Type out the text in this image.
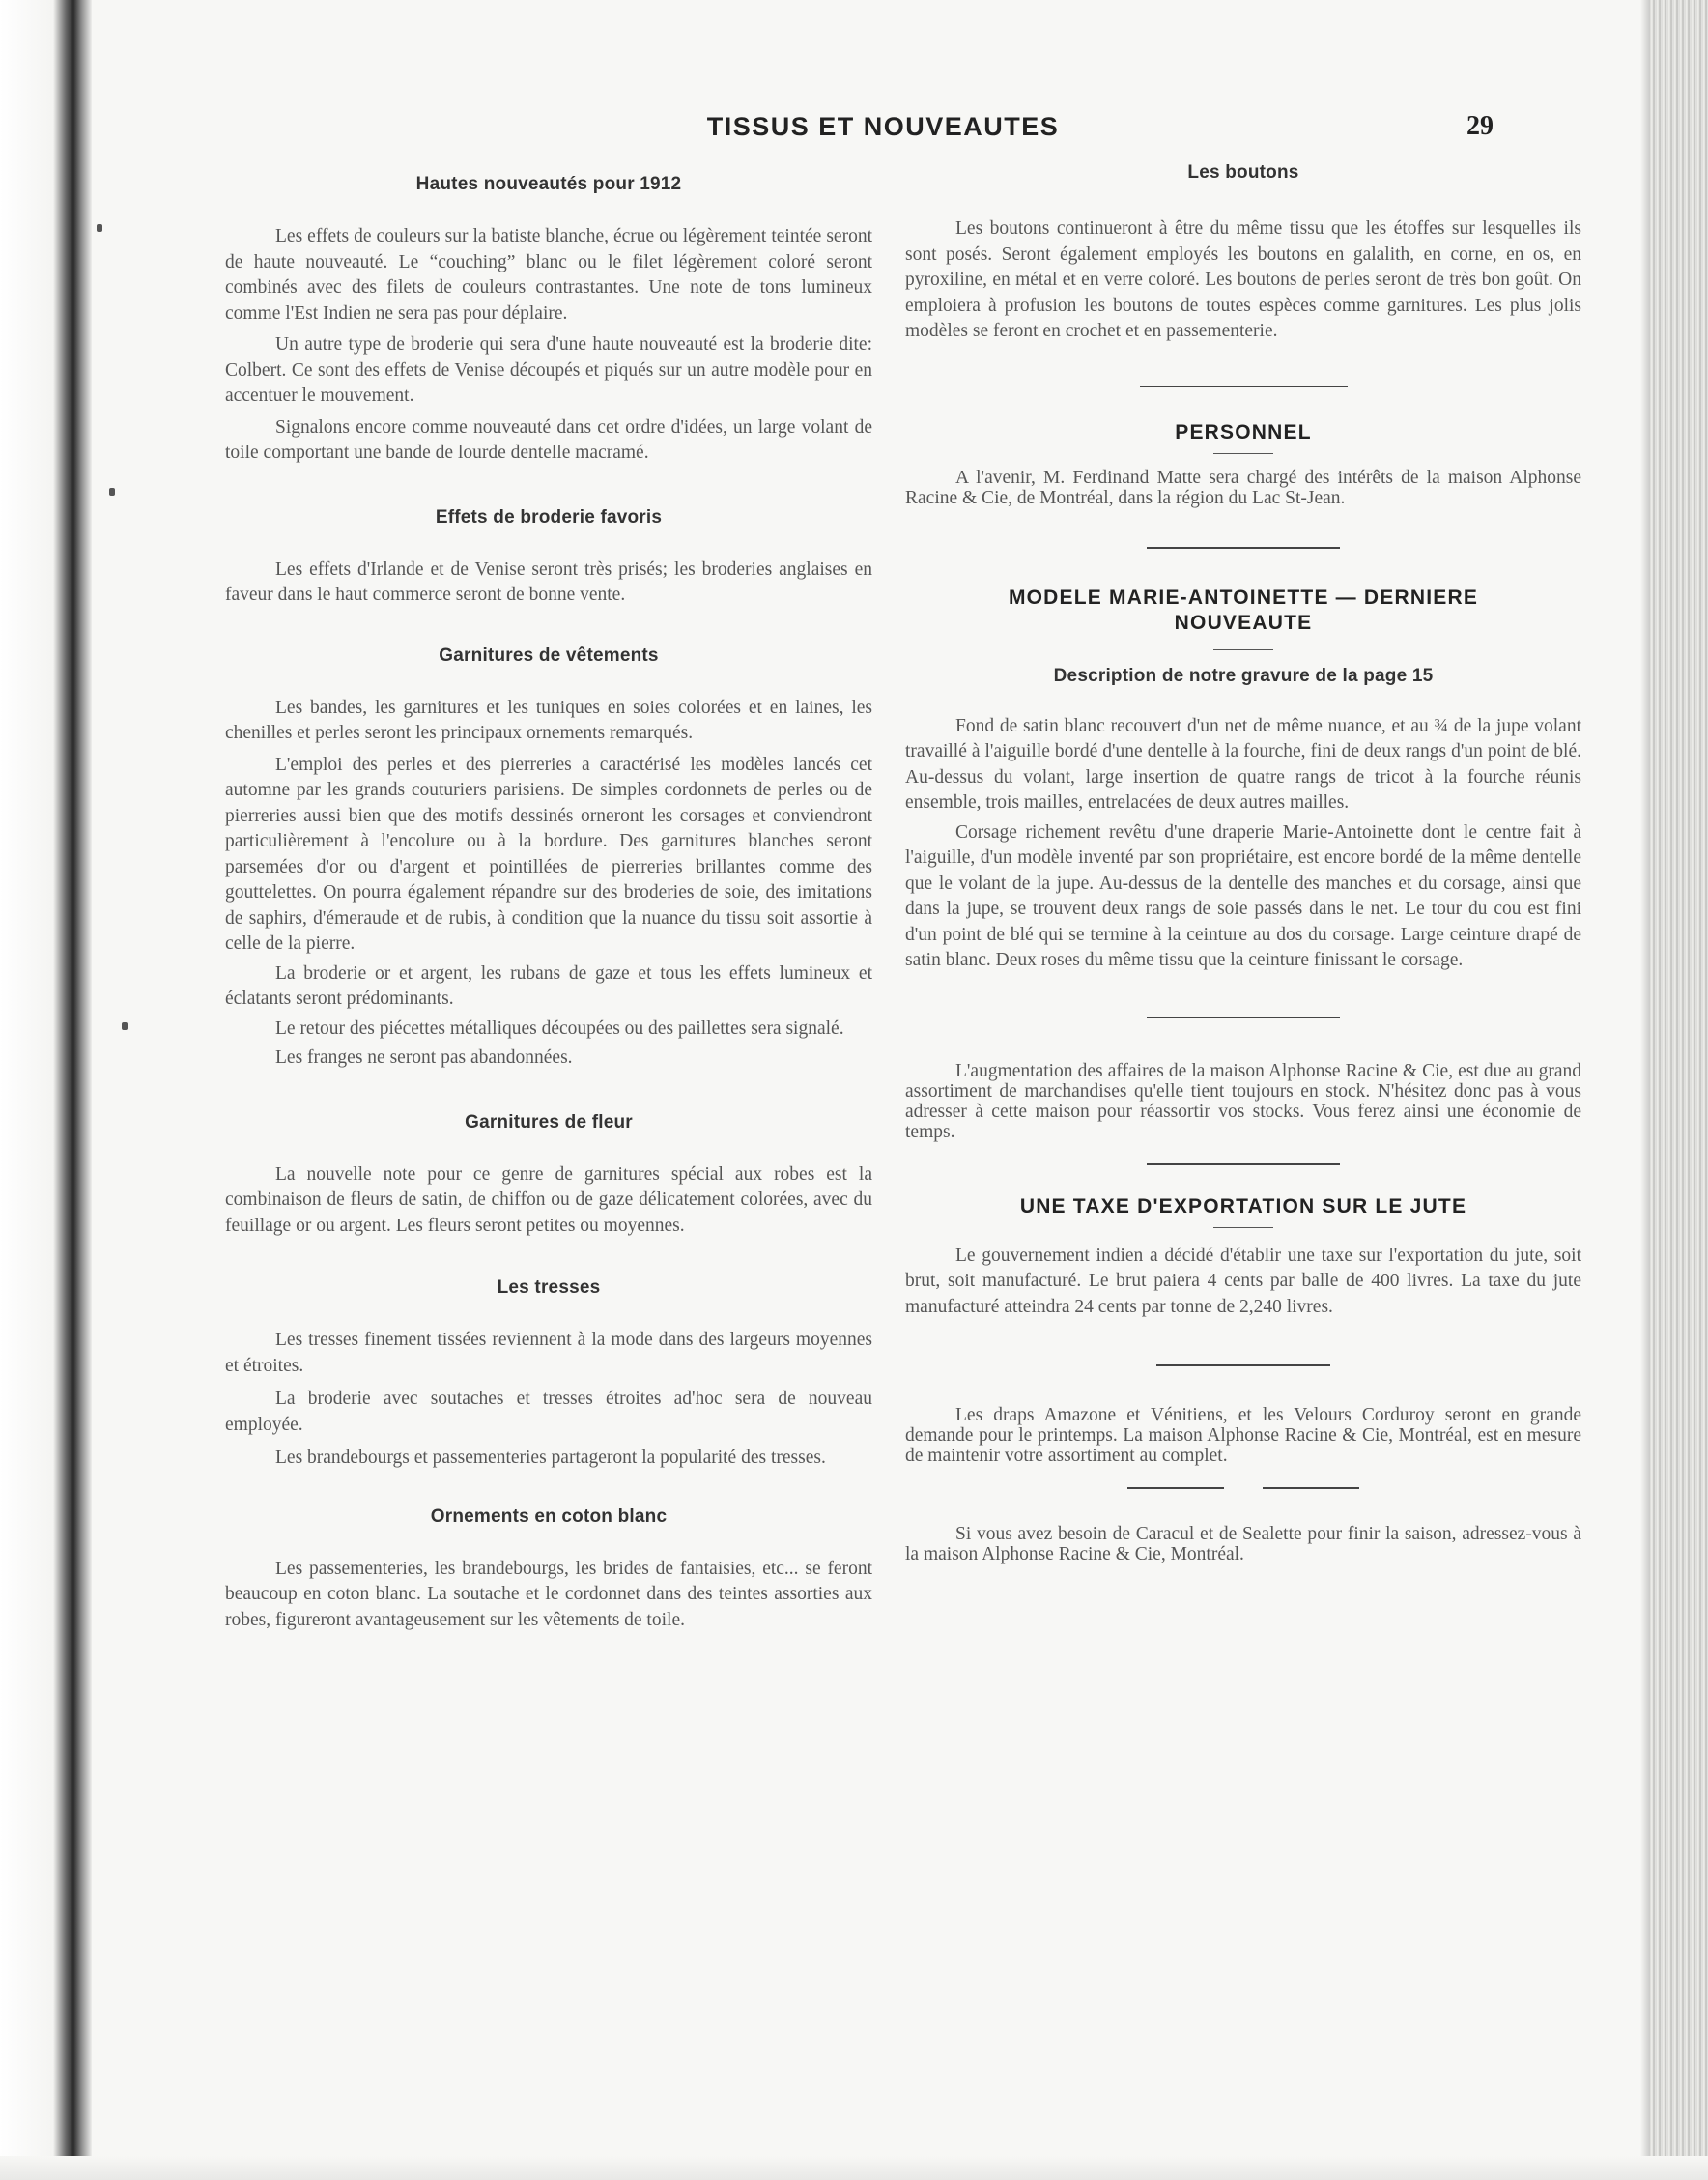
TISSUS ET NOUVEAUTES	29
Hautes nouveautés pour 1912

Les effets de couleurs sur la batiste blanche, écrue ou légèrement teintée seront de haute nouveauté. Le “couching” blanc ou le filet légèrement coloré seront combinés avec des filets de couleurs contrastantes. Une note de tons lumineux comme l'Est Indien ne sera pas pour déplaire.

Un autre type de broderie qui sera d'une haute nouveauté est la broderie dite: Colbert. Ce sont des effets de Venise découpés et piqués sur un autre modèle pour en accentuer le mouvement.

Signalons encore comme nouveauté dans cet ordre d'idées, un large volant de toile comportant une bande de lourde dentelle macramé.

Effets de broderie favoris

Les effets d'Irlande et de Venise seront très prisés; les broderies anglaises en faveur dans le haut commerce seront de bonne vente.

Garnitures de vêtements

Les bandes, les garnitures et les tuniques en soies colorées et en laines, les chenilles et perles seront les principaux ornements remarqués.

L'emploi des perles et des pierreries a caractérisé les modèles lancés cet automne par les grands couturiers parisiens. De simples cordonnets de perles ou de pierreries aussi bien que des motifs dessinés orneront les corsages et conviendront particulièrement à l'encolure ou à la bordure. Des garnitures blanches seront parsemées d'or ou d'argent et pointillées de pierreries brillantes comme des gouttelettes. On pourra également répandre sur des broderies de soie, des imitations de saphirs, d'émeraude et de rubis, à condition que la nuance du tissu soit assortie à celle de la pierre.

La broderie or et argent, les rubans de gaze et tous les effets lumineux et éclatants seront prédominants.

Le retour des piécettes métalliques découpées ou des paillettes sera signalé.

Les franges ne seront pas abandonnées.

Garnitures de fleur

La nouvelle note pour ce genre de garnitures spécial aux robes est la combinaison de fleurs de satin, de chiffon ou de gaze délicatement colorées, avec du feuillage or ou argent. Les fleurs seront petites ou moyennes.

Les tresses

Les tresses finement tissées reviennent à la mode dans des largeurs moyennes et étroites.

La broderie avec soutaches et tresses étroites ad'hoc sera de nouveau employée.

Les brandebourgs et passementeries partageront la popularité des tresses.

Ornements en coton blanc

Les passementeries, les brandebourgs, les brides de fantaisies, etc... se feront beaucoup en coton blanc. La soutache et le cordonnet dans des teintes assorties aux robes, figureront avantageusement sur les vêtements de toile.

Les boutons

Les boutons continueront à être du même tissu que les étoffes sur lesquelles ils sont posés. Seront également employés les boutons en galalith, en corne, en os, en pyroxiline, en métal et en verre coloré. Les boutons de perles seront de très bon goût. On emploiera à profusion les boutons de toutes espèces comme garnitures. Les plus jolis modèles se feront en crochet et en passementerie.

PERSONNEL

A l'avenir, M. Ferdinand Matte sera chargé des intérêts de la maison Alphonse Racine & Cie, de Montréal, dans la région du Lac St-Jean.

MODELE MARIE-ANTOINETTE — DERNIERE
NOUVEAUTE
Description de notre gravure de la page 15

Fond de satin blanc recouvert d'un net de même nuance, et au ¾ de la jupe volant travaillé à l'aiguille bordé d'une dentelle à la fourche, fini de deux rangs d'un point de blé. Au-dessus du volant, large insertion de quatre rangs de tricot à la fourche réunis ensemble, trois mailles, entrelacées de deux autres mailles.

Corsage richement revêtu d'une draperie Marie-Antoinette dont le centre fait à l'aiguille, d'un modèle inventé par son propriétaire, est encore bordé de la même dentelle que le volant de la jupe. Au-dessus de la dentelle des manches et du corsage, ainsi que dans la jupe, se trouvent deux rangs de soie passés dans le net. Le tour du cou est fini d'un point de blé qui se termine à la ceinture au dos du corsage. Large ceinture drapé de satin blanc. Deux roses du même tissu que la ceinture finissant le corsage.

L'augmentation des affaires de la maison Alphonse Racine & Cie, est due au grand assortiment de marchandises qu'elle tient toujours en stock. N'hésitez donc pas à vous adresser à cette maison pour réassortir vos stocks. Vous ferez ainsi une économie de temps.

UNE TAXE D'EXPORTATION SUR LE JUTE

Le gouvernement indien a décidé d'établir une taxe sur l'exportation du jute, soit brut, soit manufacturé. Le brut paiera 4 cents par balle de 400 livres. La taxe du jute manufacturé atteindra 24 cents par tonne de 2,240 livres.

Les draps Amazone et Vénitiens, et les Velours Corduroy seront en grande demande pour le printemps. La maison Alphonse Racine & Cie, Montréal, est en mesure de maintenir votre assortiment au complet.

Si vous avez besoin de Caracul et de Sealette pour finir la saison, adressez-vous à la maison Alphonse Racine & Cie, Montréal.
